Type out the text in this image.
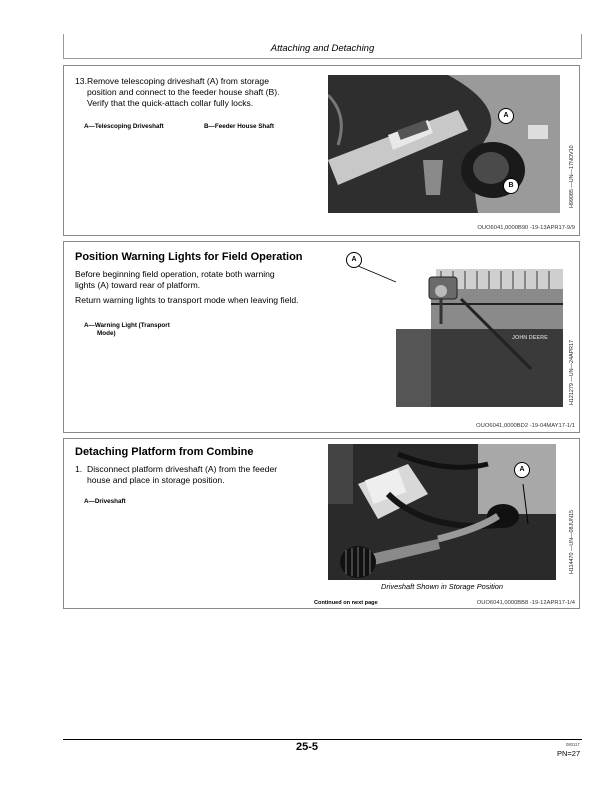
Attaching and Detaching
13. Remove telescoping driveshaft (A) from storage
position and connect to the feeder house shaft (B).
Verify that the quick-attach collar fully locks.
A—Telescoping Driveshaft	B—Feeder House Shaft
A
B	H99085 —UN—17NOV10
OUO6041,0000B90 -19-13APR17-9/9
Position Warning Lights for Field Operation
Before beginning field operation, rotate both warning
lights (A) toward rear of platform.
Return warning lights to transport mode when leaving field.
A—Warning Light (Transport
Mode)
JOHN DEERE
A
H121279 —UN—24APR17
OUO6041,0000BD2 -19-04MAY17-1/1
Detaching Platform from Combine
1. Disconnect platform driveshaft (A) from the feeder
house and place in storage position.
A—Driveshaft
A
H114470 —UN—08JUN15
Driveshaft Shown in Storage Position
Continued on next page	OUO6041,0000BB8 -19-12APR17-1/4
25-5	080117
PN=27
